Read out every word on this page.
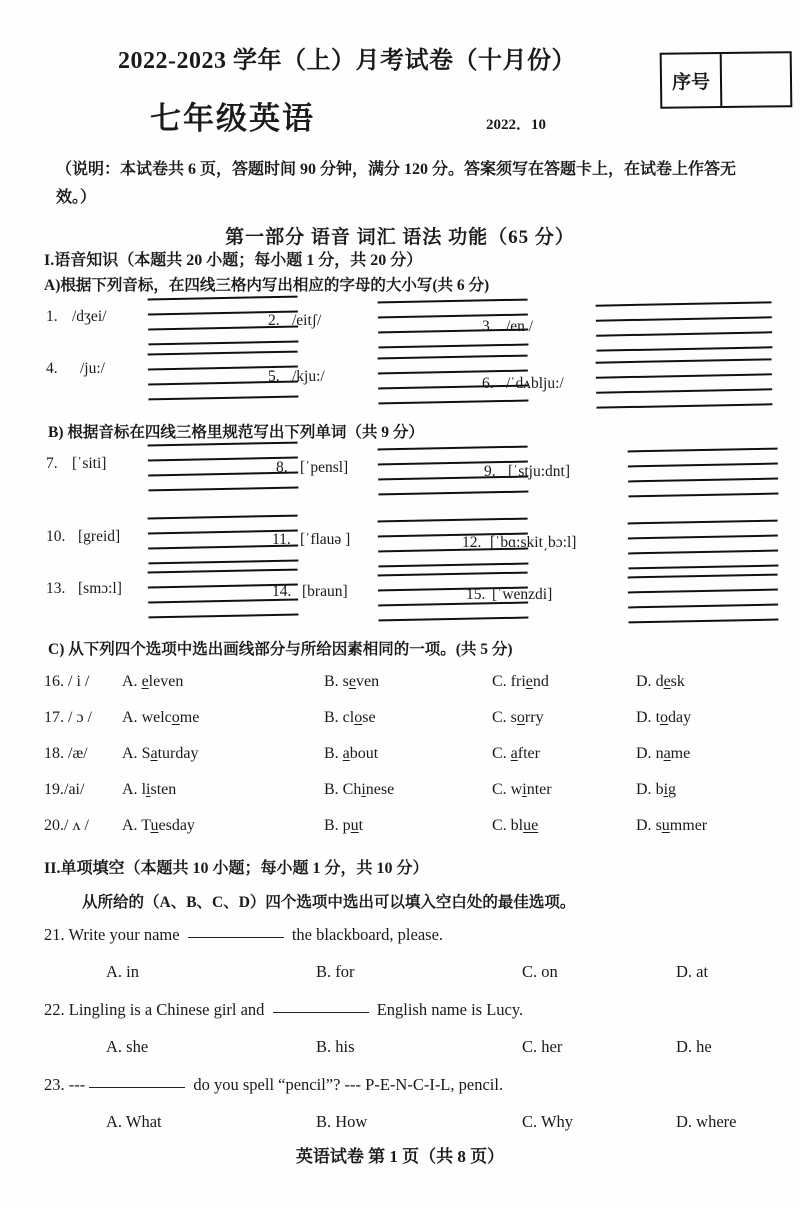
2022-2023 学年（上）月考试卷（十月份）
七年级英语	2022．10
序号
（说明：本试卷共 6 页，答题时间 90 分钟，满分 120 分。答案须写在答题卡上，在试卷上作答无效。）
第一部分 语音 词汇 语法 功能（65 分）
I.语音知识（本题共 20 小题；每小题 1 分，共 20 分）
A)根据下列音标，在四线三格内写出相应的字母的大小写(共 6 分)
1. /dʒei/	2. /eitʃ/	3. /en /
4. /ju:/	5. /kju:/	6. /ˈdʌblju:/
B) 根据音标在四线三格里规范写出下列单词（共 9 分）
7. [ˈsiti]	8. [ˈpensl]	9. [ˈstju:dnt]
10. [greid]	11. [ˈflauə ]	12. [ˈbɑ:skit͵bɔ:l]
13. [smɔ:l]	14. [braun]	15. [ˈwenzdi]
C) 从下列四个选项中选出画线部分与所给因素相同的一项。(共 5 分)
16. / i /	A. eleven	B. seven	C. friend	D. desk
17. / ɔ /	A. welcome	B. close	C. sorry	D. today
18. /æ/	A. Saturday	B. about	C. after	D. name
19./ai/	A. listen	B. Chinese	C. winter	D. big
20./ ʌ /	A. Tuesday	B. put	C. blue	D. summer
II.单项填空（本题共 10 小题；每小题 1 分，共 10 分）
从所给的（A、B、C、D）四个选项中选出可以填入空白处的最佳选项。
21. Write your name	the blackboard, please.
A. in	B. for	C. on	D. at
22. Lingling is a Chinese girl and	English name is Lucy.
A. she	B. his	C. her	D. he
23. ---	do you spell “pencil”? --- P-E-N-C-I-L, pencil.
A. What	B. How	C. Why	D. where
英语试卷 第 1 页（共 8 页）
